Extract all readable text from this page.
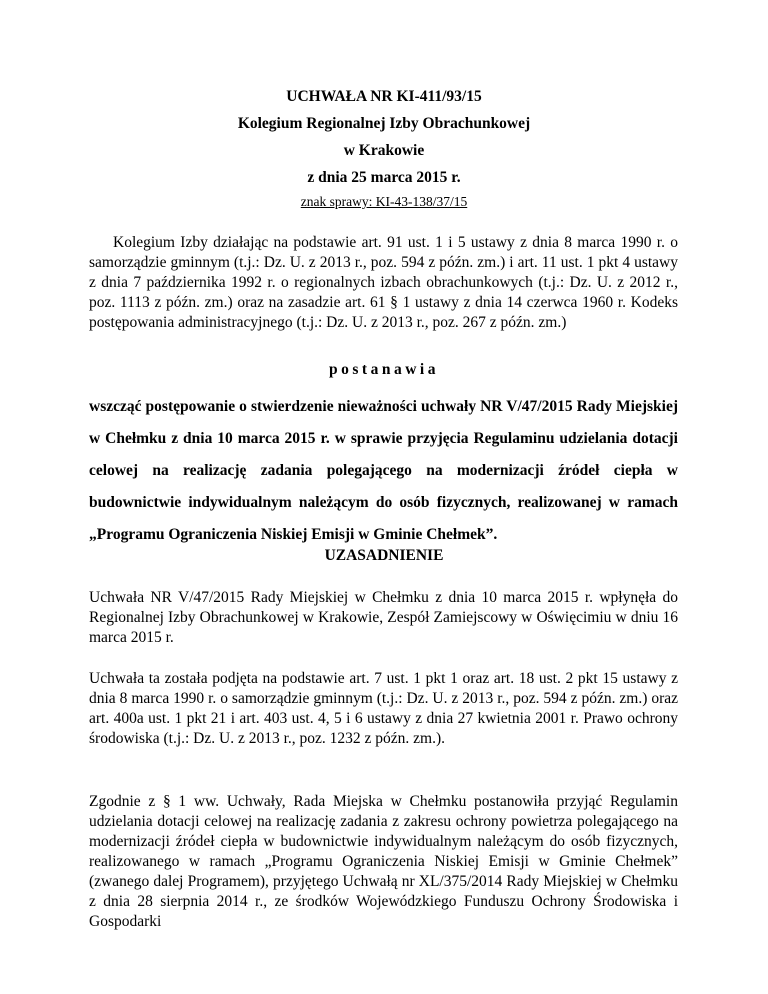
UCHWAŁA NR KI-411/93/15
Kolegium Regionalnej Izby Obrachunkowej
w Krakowie
z dnia 25 marca 2015 r.
znak sprawy: KI-43-138/37/15

Kolegium Izby działając na podstawie art. 91 ust. 1 i 5 ustawy z dnia 8 marca 1990 r. o samorządzie gminnym (t.j.: Dz. U. z 2013 r., poz. 594 z późn. zm.) i art. 11 ust. 1 pkt 4 ustawy z dnia 7 października 1992 r. o regionalnych izbach obrachunkowych (t.j.: Dz. U. z 2012 r., poz. 1113 z późn. zm.) oraz na zasadzie art. 61 § 1 ustawy z dnia 14 czerwca 1960 r. Kodeks postępowania administracyjnego (t.j.: Dz. U. z 2013 r., poz. 267 z późn. zm.)

postanawia

wszcząć postępowanie o stwierdzenie nieważności uchwały NR V/47/2015 Rady Miejskiej w Chełmku z dnia 10 marca 2015 r. w sprawie przyjęcia Regulaminu udzielania dotacji celowej na realizację zadania polegającego na modernizacji źródeł ciepła w budownictwie indywidualnym należącym do osób fizycznych, realizowanej w ramach „Programu Ograniczenia Niskiej Emisji w Gminie Chełmek”.

UZASADNIENIE

Uchwała NR V/47/2015 Rady Miejskiej w Chełmku z dnia 10 marca 2015 r. wpłynęła do Regionalnej Izby Obrachunkowej w Krakowie, Zespół Zamiejscowy w Oświęcimiu w dniu 16 marca 2015 r.

Uchwała ta została podjęta na podstawie art. 7 ust. 1 pkt 1 oraz art. 18 ust. 2 pkt 15 ustawy z dnia 8 marca 1990 r. o samorządzie gminnym (t.j.: Dz. U. z 2013 r., poz. 594 z późn. zm.) oraz art. 400a ust. 1 pkt 21 i art. 403 ust. 4, 5 i 6 ustawy z dnia 27 kwietnia 2001 r. Prawo ochrony środowiska (t.j.: Dz. U. z 2013 r., poz. 1232 z późn. zm.).

Zgodnie z § 1 ww. Uchwały, Rada Miejska w Chełmku postanowiła przyjąć Regulamin udzielania dotacji celowej na realizację zadania z zakresu ochrony powietrza polegającego na modernizacji źródeł ciepła w budownictwie indywidualnym należącym do osób fizycznych, realizowanego w ramach „Programu Ograniczenia Niskiej Emisji w Gminie Chełmek” (zwanego dalej Programem), przyjętego Uchwałą nr XL/375/2014 Rady Miejskiej w Chełmku z dnia 28 sierpnia 2014 r., ze środków Wojewódzkiego Funduszu Ochrony Środowiska i Gospodarki
